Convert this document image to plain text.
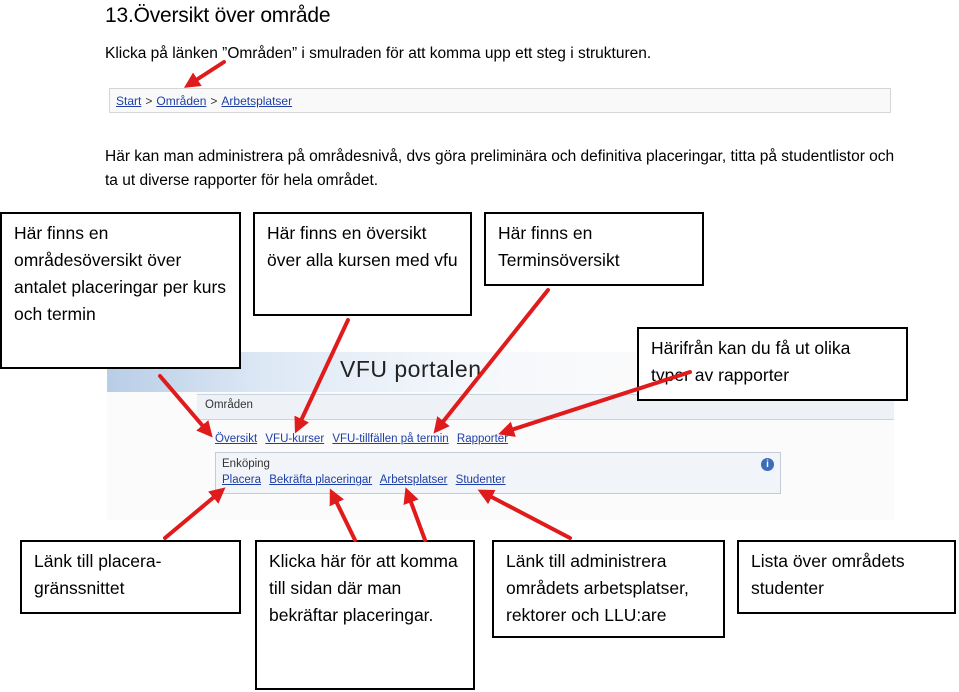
13.Översikt över område
Klicka på länken ”Områden” i smulraden för att komma upp ett steg i strukturen.
Start > Områden > Arbetsplatser
Här kan man administrera på områdesnivå, dvs göra preliminära och definitiva placeringar, titta på studentlistor och ta ut diverse rapporter för hela området.
VFU portalen
Områden
Översikt VFU-kurser VFU-tillfällen på termin Rapporter
Enköping	i
Placera Bekräfta placeringar Arbetsplatser Studenter
Här finns en områdesöversikt över antalet placeringar per kurs och termin
Här finns en översikt över alla kursen med vfu
Här finns en Terminsöversikt
Härifrån kan du få ut olika typer av rapporter
Länk till placera-gränssnittet
Klicka här för att komma till sidan där man bekräftar placeringar.
Länk till administrera områdets arbetsplatser, rektorer och LLU:are
Lista över områdets studenter
